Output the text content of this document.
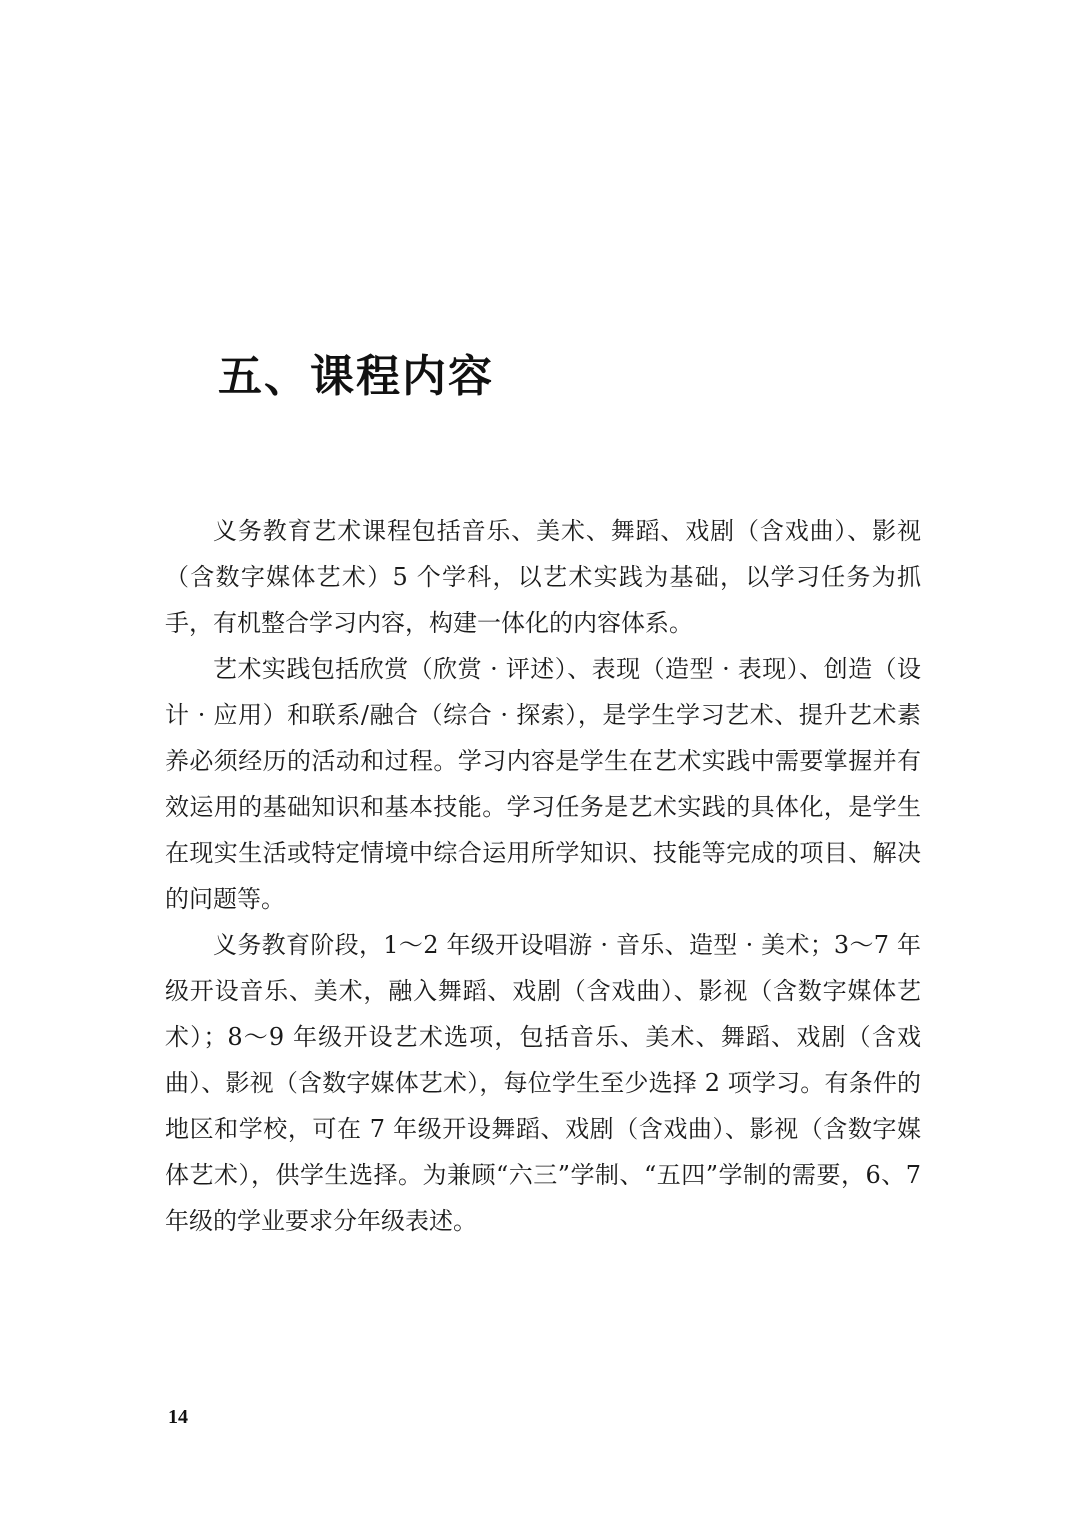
五、课程内容

义务教育艺术课程包括音乐、美术、舞蹈、戏剧（含戏曲）、影视（含数字媒体艺术）5 个学科，以艺术实践为基础，以学习任务为抓手，有机整合学习内容，构建一体化的内容体系。

艺术实践包括欣赏（欣赏 · 评述）、表现（造型 · 表现）、创造（设计 · 应用）和联系/融合（综合 · 探索），是学生学习艺术、提升艺术素养必须经历的活动和过程。学习内容是学生在艺术实践中需要掌握并有效运用的基础知识和基本技能。学习任务是艺术实践的具体化，是学生在现实生活或特定情境中综合运用所学知识、技能等完成的项目、解决的问题等。

义务教育阶段，1～2 年级开设唱游 · 音乐、造型 · 美术；3～7 年级开设音乐、美术，融入舞蹈、戏剧（含戏曲）、影视（含数字媒体艺术）；8～9 年级开设艺术选项，包括音乐、美术、舞蹈、戏剧（含戏曲）、影视（含数字媒体艺术），每位学生至少选择 2 项学习。有条件的地区和学校，可在 7 年级开设舞蹈、戏剧（含戏曲）、影视（含数字媒体艺术），供学生选择。为兼顾“六三”学制、“五四”学制的需要，6、7 年级的学业要求分年级表述。

14
